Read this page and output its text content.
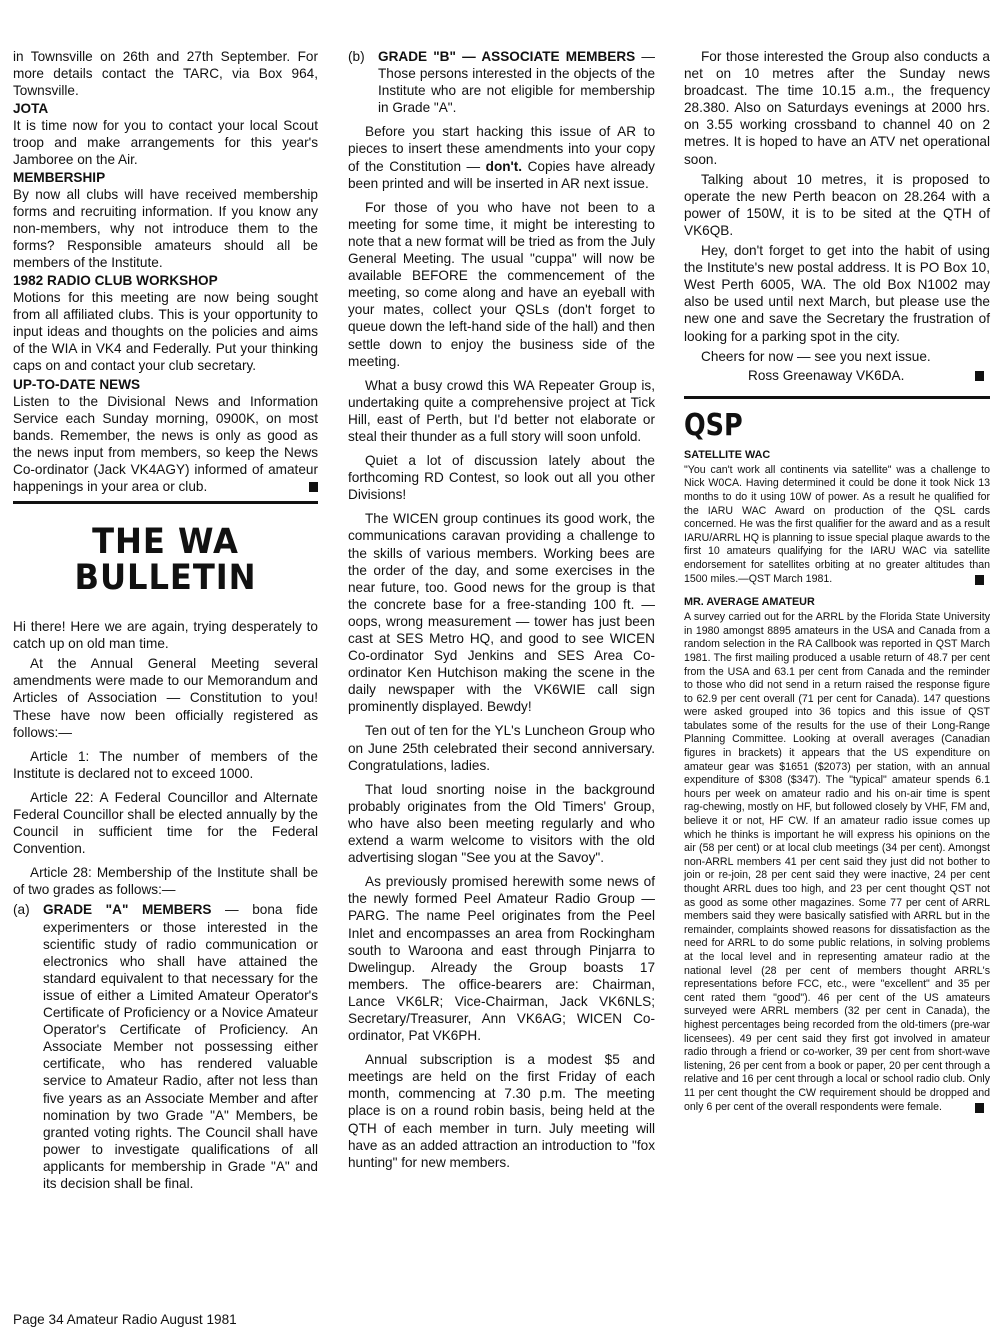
in Townsville on 26th and 27th September. For more details contact the TARC, via Box 964, Townsville.

JOTA

It is time now for you to contact your local Scout troop and make arrangements for this year's Jamboree on the Air.

MEMBERSHIP

By now all clubs will have received membership forms and recruiting information. If you know any non-members, why not introduce them to the forms? Responsible amateurs should all be members of the Institute.

1982 RADIO CLUB WORKSHOP

Motions for this meeting are now being sought from all affiliated clubs. This is your opportunity to input ideas and thoughts on the policies and aims of the WIA in VK4 and Federally. Put your thinking caps on and contact your club secretary.

UP-TO-DATE NEWS

Listen to the Divisional News and Information Service each Sunday morning, 0900K, on most bands. Remember, the news is only as good as the news input from members, so keep the News Co-ordinator (Jack VK4AGY) informed of amateur happenings in your area or club.

THE WA
BULLETIN

Hi there! Here we are again, trying desperately to catch up on old man time.

At the Annual General Meeting several amendments were made to our Memorandum and Articles of Association — Constitution to you! These have now been officially registered as follows:—

Article 1: The number of members of the Institute is declared not to exceed 1000.

Article 22: A Federal Councillor and Alternate Federal Councillor shall be elected annually by the Council in sufficient time for the Federal Convention.

Article 28: Membership of the Institute shall be of two grades as follows:—

(a) GRADE "A" MEMBERS — bona fide experimenters or those interested in the scientific study of radio communication or electronics who shall have attained the standard equivalent to that necessary for the issue of either a Limited Amateur Operator's Certificate of Proficiency or a Novice Amateur Operator's Certificate of Proficiency. An Associate Member not possessing either certificate, who has rendered valuable service to Amateur Radio, after not less than five years as an Associate Member and after nomination by two Grade "A" Members, be granted voting rights. The Council shall have power to investigate qualifications of all applicants for membership in Grade "A" and its decision shall be final.
(b) GRADE "B" — ASSOCIATE MEMBERS — Those persons interested in the objects of the Institute who are not eligible for membership in Grade "A".

Before you start hacking this issue of AR to pieces to insert these amendments into your copy of the Constitution — don't. Copies have already been printed and will be inserted in AR next issue.

For those of you who have not been to a meeting for some time, it might be interesting to note that a new format will be tried as from the July General Meeting. The usual "cuppa" will now be available BEFORE the commencement of the meeting, so come along and have an eyeball with your mates, collect your QSLs (don't forget to queue down the left-hand side of the hall) and then settle down to enjoy the business side of the meeting.

What a busy crowd this WA Repeater Group is, undertaking quite a comprehensive project at Tick Hill, east of Perth, but I'd better not elaborate or steal their thunder as a full story will soon unfold.

Quiet a lot of discussion lately about the forthcoming RD Contest, so look out all you other Divisions!

The WICEN group continues its good work, the communications caravan providing a challenge to the skills of various members. Working bees are the order of the day, and some exercises in the near future, too. Good news for the group is that the concrete base for a free-standing 100 ft. — oops, wrong measurement — tower has just been cast at SES Metro HQ, and good to see WICEN Co-ordinator Syd Jenkins and SES Area Co-ordinator Ken Hutchison making the scene in the daily newspaper with the VK6WIE call sign prominently displayed. Bewdy!

Ten out of ten for the YL's Luncheon Group who on June 25th celebrated their second anniversary. Congratulations, ladies.

That loud snorting noise in the background probably originates from the Old Timers' Group, who have also been meeting regularly and who extend a warm welcome to visitors with the old advertising slogan "See you at the Savoy".

As previously promised herewith some news of the newly formed Peel Amateur Radio Group — PARG. The name Peel originates from the Peel Inlet and encompasses an area from Rockingham south to Waroona and east through Pinjarra to Dwelingup. Already the Group boasts 17 members. The office-bearers are: Chairman, Lance VK6LR; Vice-Chairman, Jack VK6NLS; Secretary/Treasurer, Ann VK6AG; WICEN Co-ordinator, Pat VK6PH.

Annual subscription is a modest $5 and meetings are held on the first Friday of each month, commencing at 7.30 p.m. The meeting place is on a round robin basis, being held at the QTH of each member in turn. July meeting will have as an added attraction an introduction to "fox hunting" for new members.

For those interested the Group also conducts a net on 10 metres after the Sunday news broadcast. The time 10.15 a.m., the frequency 28.380. Also on Saturdays evenings at 2000 hrs. on 3.55 working crossband to channel 40 on 2 metres. It is hoped to have an ATV net operational soon.

Talking about 10 metres, it is proposed to operate the new Perth beacon on 28.264 with a power of 150W, it is to be sited at the QTH of VK6QB.

Hey, don't forget to get into the habit of using the Institute's new postal address. It is PO Box 10, West Perth 6005, WA. The old Box N1002 may also be used until next March, but please use the new one and save the Secretary the frustration of looking for a parking spot in the city.

Cheers for now — see you next issue.

Ross Greenaway VK6DA.

QSP
SATELLITE WAC

"You can't work all continents via satellite" was a challenge to Nick W0CA. Having determined it could be done it took Nick 13 months to do it using 10W of power. As a result he qualified for the IARU WAC Award on production of the QSL cards concerned. He was the first qualifier for the award and as a result IARU/ARRL HQ is planning to issue special plaque awards to the first 10 amateurs qualifying for the IARU WAC via satellite endorsement for satellites orbiting at no greater altitudes than 1500 miles.—QST March 1981.

MR. AVERAGE AMATEUR

A survey carried out for the ARRL by the Florida State University in 1980 amongst 8895 amateurs in the USA and Canada from a random selection in the RA Callbook was reported in QST March 1981. The first mailing produced a usable return of 48.7 per cent from the USA and 63.1 per cent from Canada and the reminder to those who did not send in a return raised the response figure to 62.9 per cent overall (71 per cent for Canada). 147 questions were asked grouped into 36 topics and this issue of QST tabulates some of the results for the use of their Long-Range Planning Committee. Looking at overall averages (Canadian figures in brackets) it appears that the US expenditure on amateur gear was $1651 ($2073) per station, with an annual expenditure of $308 ($347). The "typical" amateur spends 6.1 hours per week on amateur radio and his on-air time is spent rag-chewing, mostly on HF, but followed closely by VHF, FM and, believe it or not, HF CW. If an amateur radio issue comes up which he thinks is important he will express his opinions on the air (58 per cent) or at local club meetings (34 per cent). Amongst non-ARRL members 41 per cent said they just did not bother to join or re-join, 28 per cent said they were inactive, 24 per cent thought ARRL dues too high, and 23 per cent thought QST not as good as some other magazines. Some 77 per cent of ARRL members said they were basically satisfied with ARRL but in the remainder, complaints showed reasons for dissatisfaction as the need for ARRL to do some public relations, in solving problems at the local level and in representing amateur radio at the national level (28 per cent of members thought ARRL's representations before FCC, etc., were "excellent" and 35 per cent rated them "good"). 46 per cent of the US amateurs surveyed were ARRL members (32 per cent in Canada), the highest percentages being recorded from the old-timers (pre-war licensees). 49 per cent said they first got involved in amateur radio through a friend or co-worker, 39 per cent from short-wave listening, 26 per cent from a book or paper, 20 per cent through a relative and 16 per cent through a local or school radio club. Only 11 per cent thought the CW requirement should be dropped and only 6 per cent of the overall respondents were female.

Page 34 Amateur Radio August 1981
